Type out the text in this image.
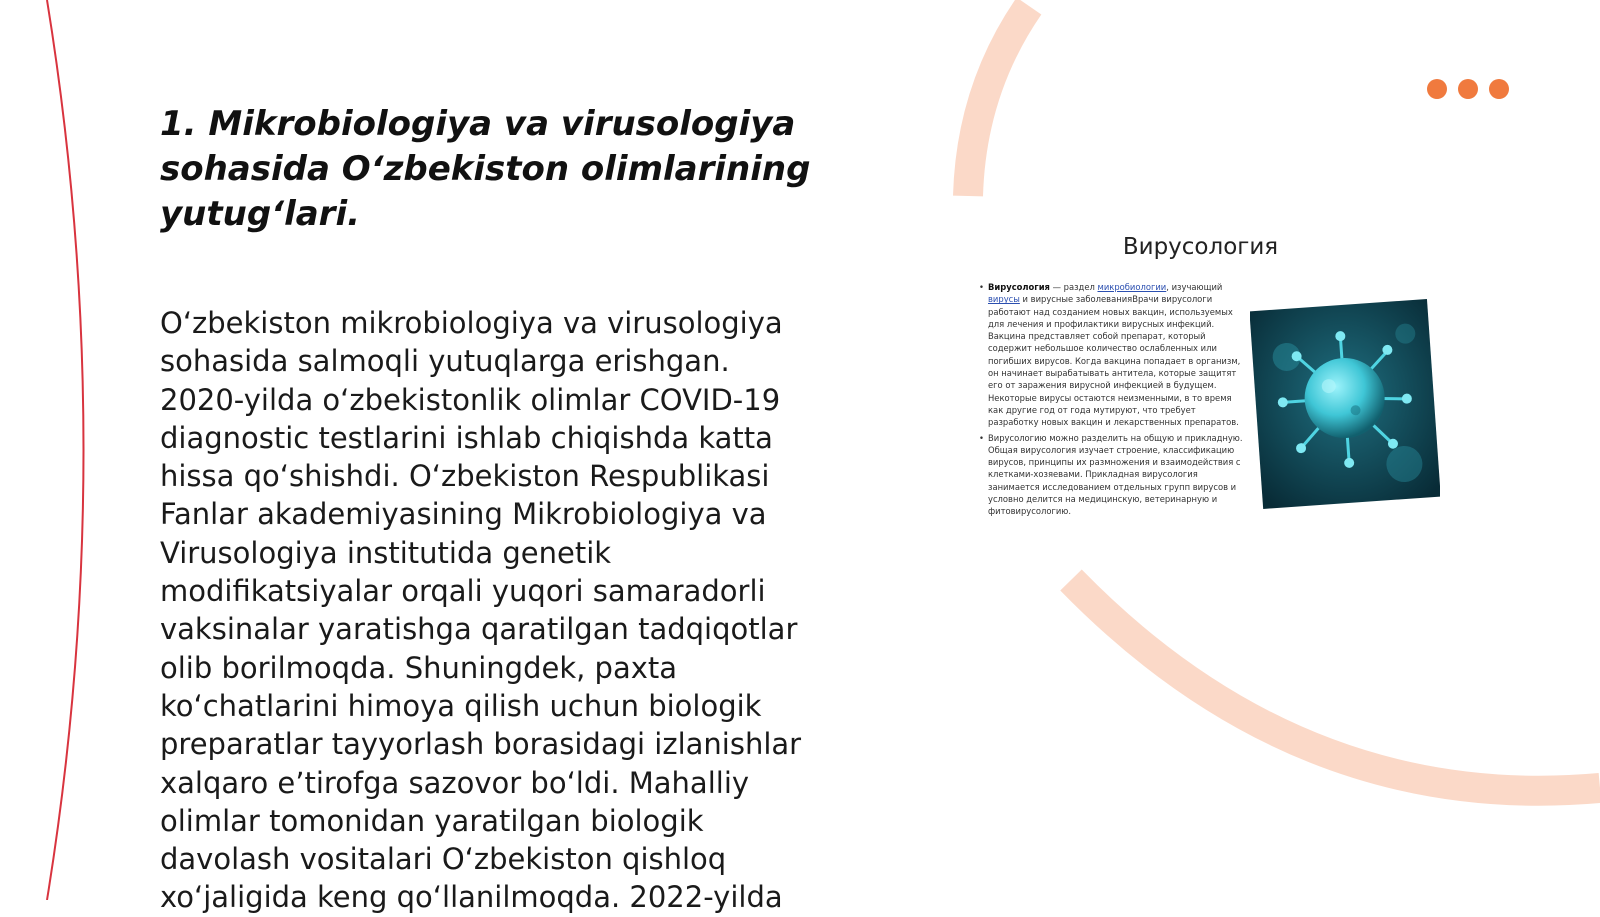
1. Mikrobiologiya va virusologiya sohasida O‘zbekiston olimlarining yutug‘lari.

O‘zbekiston mikrobiologiya va virusologiya
sohasida salmoqli yutuqlarga erishgan.
2020-yilda o‘zbekistonlik olimlar COVID-19
diagnostic testlarini ishlab chiqishda katta
hissa qo‘shishdi. O‘zbekiston Respublikasi
Fanlar akademiyasining Mikrobiologiya va
Virusologiya institutida genetik
modifikatsiyalar orqali yuqori samaradorli
vaksinalar yaratishga qaratilgan tadqiqotlar
olib borilmoqda. Shuningdek, paxta
ko‘chatlarini himoya qilish uchun biologik
preparatlar tayyorlash borasidagi izlanishlar
xalqaro e’tirofga sazovor bo‘ldi. Mahalliy
olimlar tomonidan yaratilgan biologik
davolash vositalari O‘zbekiston qishloq
xo‘jaligida keng qo‘llanilmoqda. 2022-yilda

Вирусология
• Вирусология — раздел микробиологии, изучающий вирусы и вирусные заболеванияВрачи вирусологи работают над созданием новых вакцин, используемых для лечения и профилактики вирусных инфекций. Вакцина представляет собой препарат, который содержит небольшое количество ослабленных или погибших вирусов. Когда вакцина попадает в организм, он начинает вырабатывать антитела, которые защитят его от заражения вирусной инфекцией в будущем. Некоторые вирусы остаются неизменными, в то время как другие год от года мутируют, что требует разработку новых вакцин и лекарственных препаратов.
• Вирусологию можно разделить на общую и прикладную. Общая вирусология изучает строение, классификацию вирусов, принципы их размножения и взаимодействия с клетками-хозяевами. Прикладная вирусология занимается исследованием отдельных групп вирусов и условно делится на медицинскую, ветеринарную и фитовирусологию.
